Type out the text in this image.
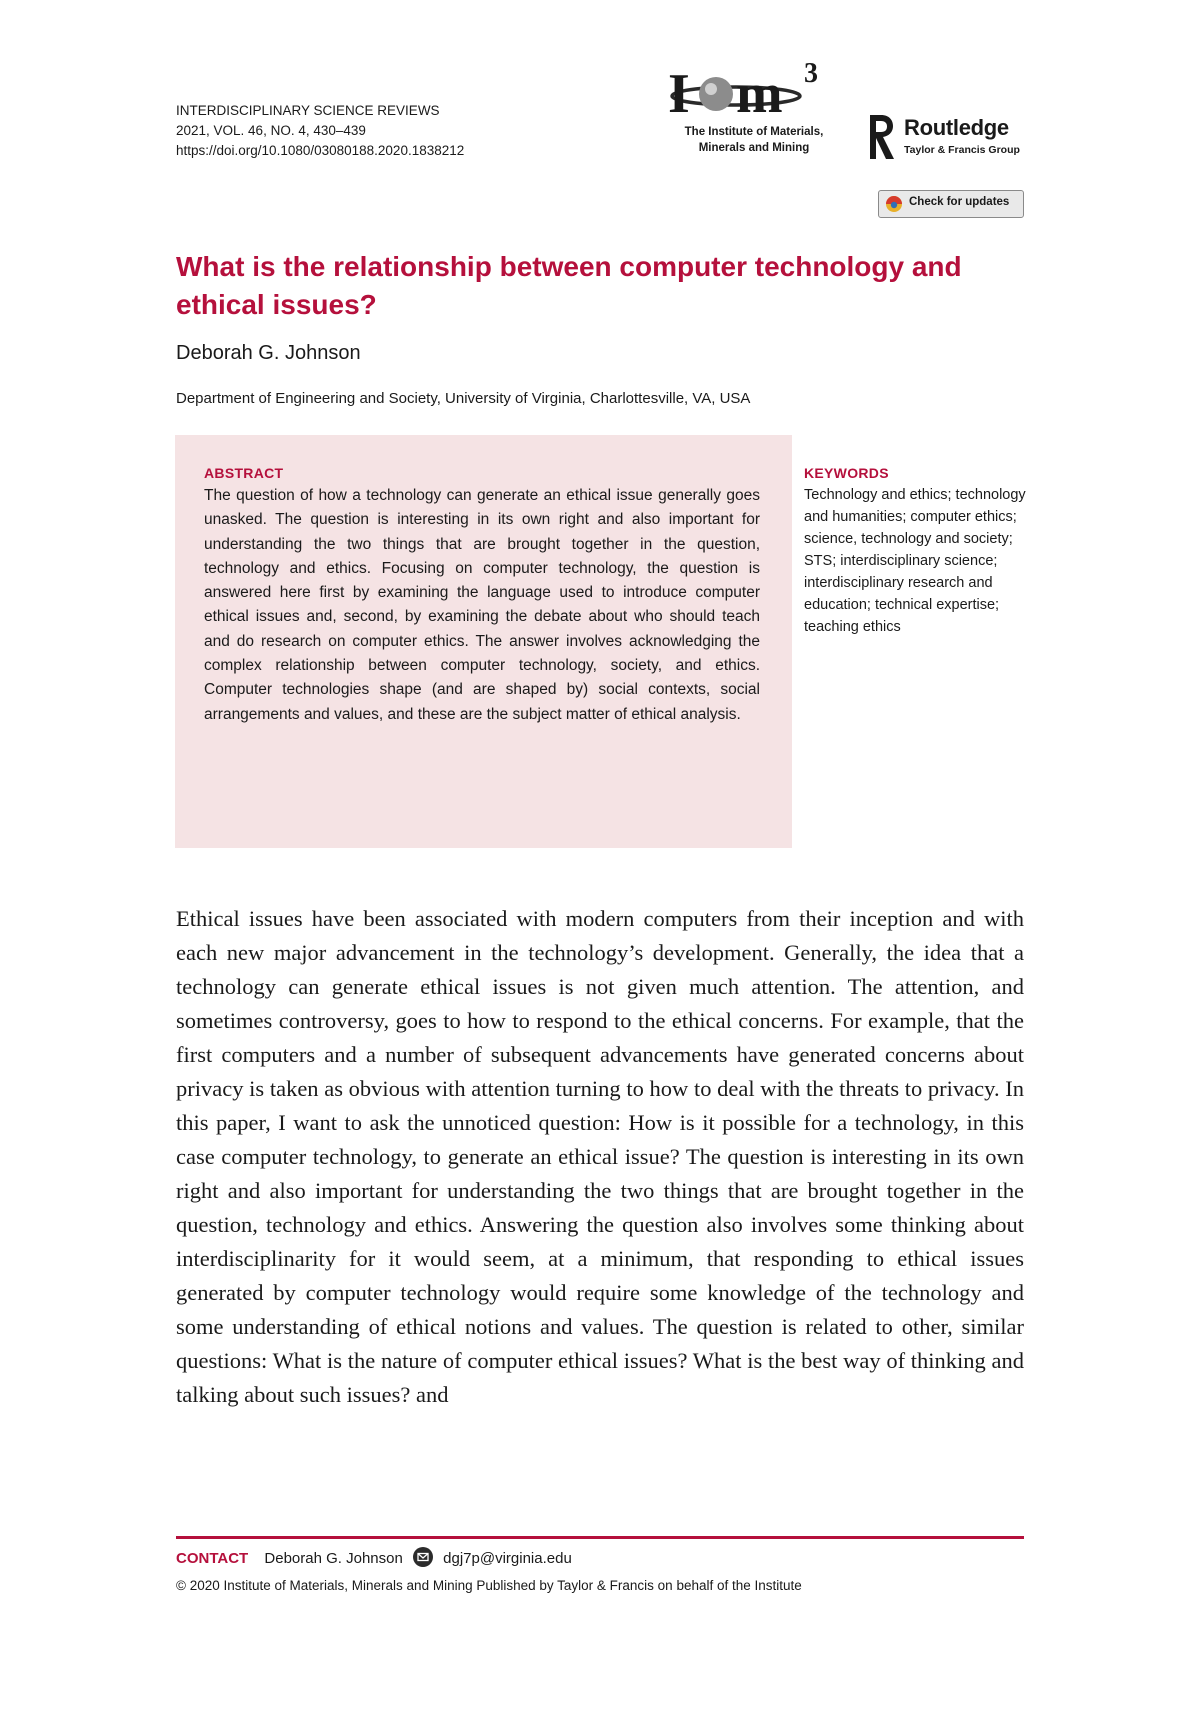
INTERDISCIPLINARY SCIENCE REVIEWS
2021, VOL. 46, NO. 4, 430–439
https://doi.org/10.1080/03080188.2020.1838212
I m 3
The Institute of Materials,
Minerals and Mining
Routledge
Taylor & Francis Group
Check for updates
What is the relationship between computer technology and ethical issues?
Deborah G. Johnson
Department of Engineering and Society, University of Virginia, Charlottesville, VA, USA
ABSTRACT
The question of how a technology can generate an ethical issue generally goes unasked. The question is interesting in its own right and also important for understanding the two things that are brought together in the question, technology and ethics. Focusing on computer technology, the question is answered here first by examining the language used to introduce computer ethical issues and, second, by examining the debate about who should teach and do research on computer ethics. The answer involves acknowledging the complex relationship between computer technology, society, and ethics. Computer technologies shape (and are shaped by) social contexts, social arrangements and values, and these are the subject matter of ethical analysis.
KEYWORDS
Technology and ethics; technology and humanities; computer ethics; science, technology and society; STS; interdisciplinary science; interdisciplinary research and education; technical expertise; teaching ethics
Ethical issues have been associated with modern computers from their inception and with each new major advancement in the technology’s development. Generally, the idea that a technology can generate ethical issues is not given much attention. The attention, and sometimes controversy, goes to how to respond to the ethical concerns. For example, that the first computers and a number of subsequent advancements have generated concerns about privacy is taken as obvious with attention turning to how to deal with the threats to privacy. In this paper, I want to ask the unnoticed question: How is it possible for a technology, in this case computer technology, to generate an ethical issue? The question is interesting in its own right and also important for understanding the two things that are brought together in the question, technology and ethics. Answering the question also involves some thinking about interdisciplinarity for it would seem, at a minimum, that responding to ethical issues generated by computer technology would require some knowledge of the technology and some understanding of ethical notions and values. The question is related to other, similar questions: What is the nature of computer ethical issues? What is the best way of thinking and talking about such issues? and
CONTACT Deborah G. Johnson	dgj7p@virginia.edu
© 2020 Institute of Materials, Minerals and Mining Published by Taylor & Francis on behalf of the Institute
